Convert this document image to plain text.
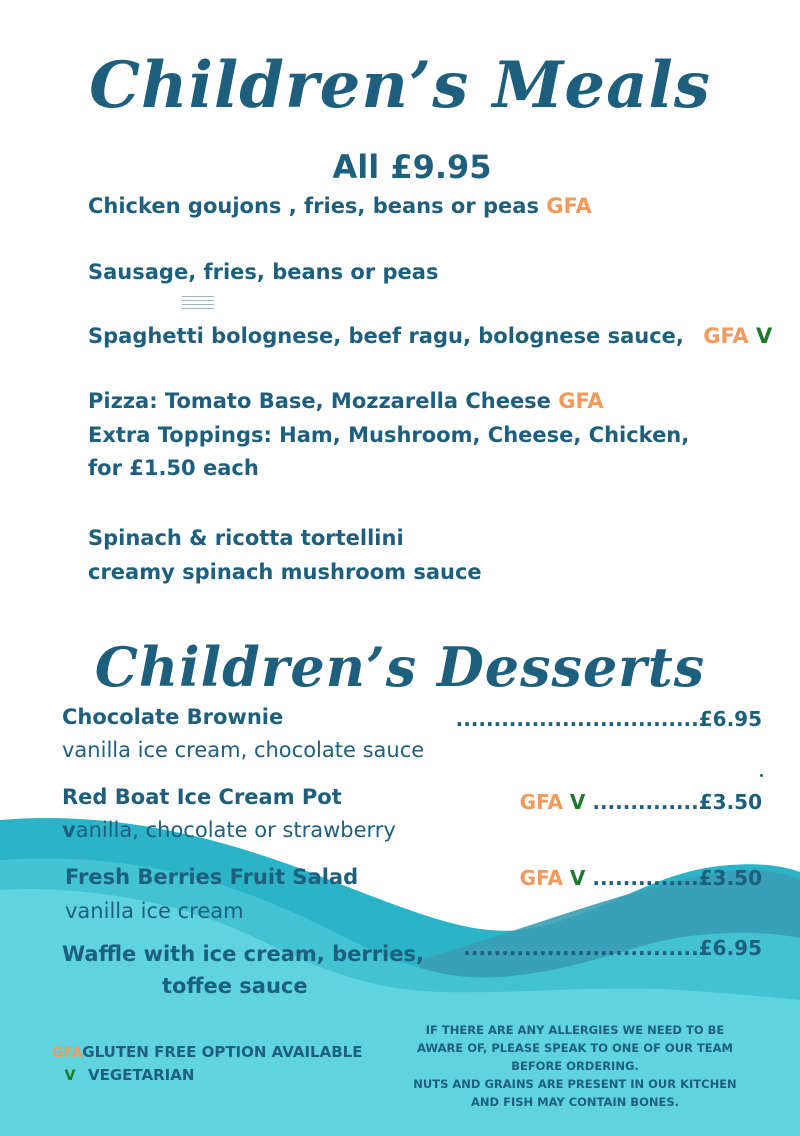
Children’s Meals
All £9.95
Chicken goujons , fries, beans or peas GFA
Sausage, fries, beans or peas
Spaghetti bolognese, beef ragu, bolognese sauce, GFA V
Pizza: Tomato Base, Mozzarella Cheese GFA
Extra Toppings: Ham, Mushroom, Cheese, Chicken,
for £1.50 each
Spinach & ricotta tortellini
creamy spinach mushroom sauce
Children’s Desserts
Chocolate Brownie
vanilla ice cream, chocolate sauce
................................£6.95
Red Boat Ice Cream Pot
vanilla, chocolate or strawberry
GFA V ..............£3.50
Fresh Berries Fruit Salad
vanilla ice cream
GFA V ..............£3.50
Waffle with ice cream, berries,
toffee sauce
...............................£6.95
GFAGLUTEN FREE OPTION AVAILABLE
V VEGETARIAN
IF THERE ARE ANY ALLERGIES WE NEED TO BE
AWARE OF, PLEASE SPEAK TO ONE OF OUR TEAM
BEFORE ORDERING.
NUTS AND GRAINS ARE PRESENT IN OUR KITCHEN
AND FISH MAY CONTAIN BONES.
